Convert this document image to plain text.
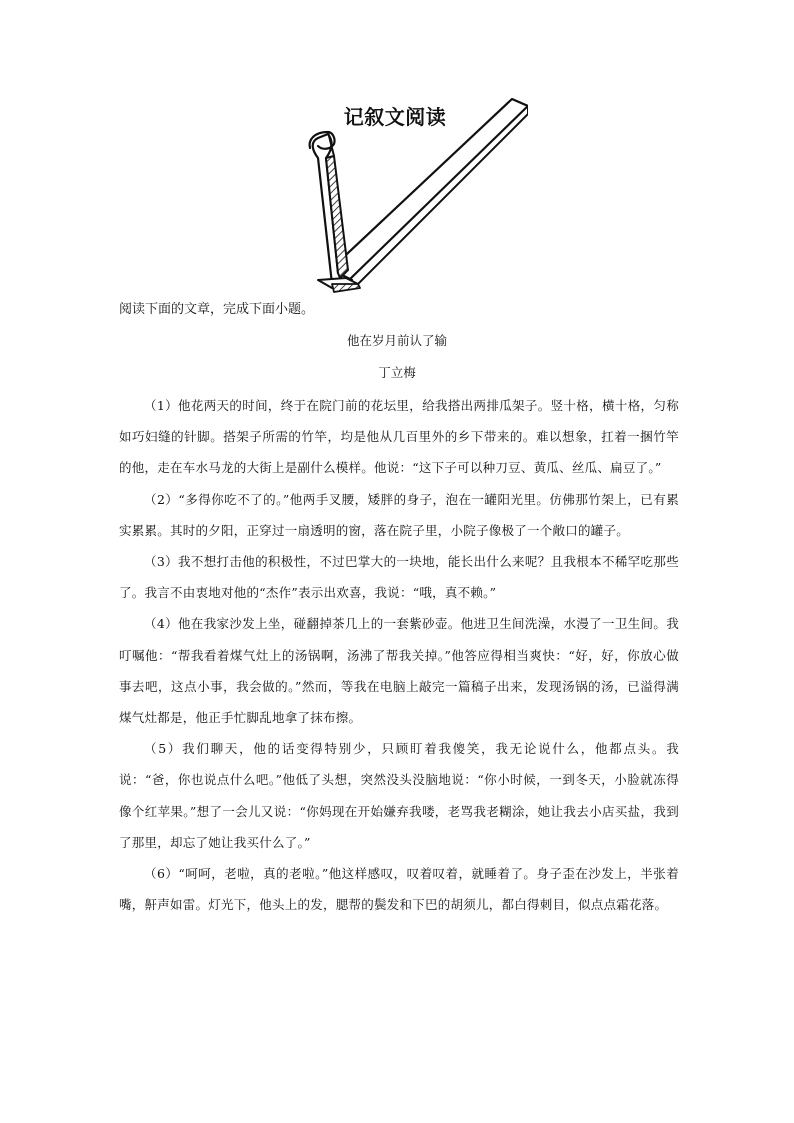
记叙文阅读
阅读下面的文章，完成下面小题。
他在岁月前认了输
丁立梅

（1）他花两天的时间，终于在院门前的花坛里，给我搭出两排瓜架子。竖十格，横十格，匀称如巧妇缝的针脚。搭架子所需的竹竿，均是他从几百里外的乡下带来的。难以想象，扛着一捆竹竿的他，走在车水马龙的大街上是副什么模样。他说：“这下子可以种刀豆、黄瓜、丝瓜、扁豆了。”

（2）“多得你吃不了的。”他两手叉腰，矮胖的身子，泡在一罐阳光里。仿佛那竹架上，已有累实累累。其时的夕阳，正穿过一扇透明的窗，落在院子里，小院子像极了一个敞口的罐子。

（3）我不想打击他的积极性，不过巴掌大的一块地，能长出什么来呢？且我根本不稀罕吃那些了。我言不由衷地对他的“杰作”表示出欢喜，我说：“哦，真不赖。”

（4）他在我家沙发上坐，碰翻掉茶几上的一套紫砂壶。他进卫生间洗澡，水漫了一卫生间。我叮嘱他：“帮我看着煤气灶上的汤锅啊，汤沸了帮我关掉。”他答应得相当爽快：“好，好，你放心做事去吧，这点小事，我会做的。”然而，等我在电脑上敲完一篇稿子出来，发现汤锅的汤，已溢得满煤气灶都是，他正手忙脚乱地拿了抹布擦。

（5）我们聊天，他的话变得特别少，只顾盯着我傻笑，我无论说什么，他都点头。我说：“爸，你也说点什么吧。”他低了头想，突然没头没脑地说：“你小时候，一到冬天，小脸就冻得像个红苹果。”想了一会儿又说：“你妈现在开始嫌弃我喽，老骂我老糊涂，她让我去小店买盐，我到了那里，却忘了她让我买什么了。”

（6）“呵呵，老啦，真的老啦。”他这样感叹，叹着叹着，就睡着了。身子歪在沙发上，半张着嘴，鼾声如雷。灯光下，他头上的发，腮帮的鬓发和下巴的胡须儿，都白得刺目，似点点霜花落。
